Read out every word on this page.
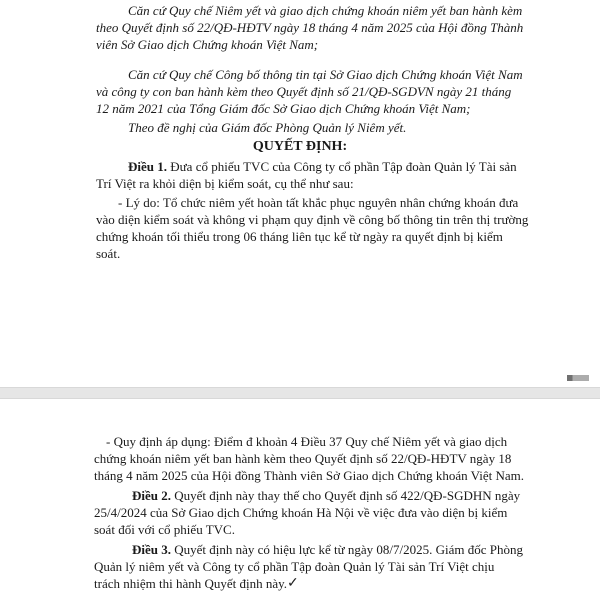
Căn cứ Quy chế Niêm yết và giao dịch chứng khoán niêm yết ban hành kèm
theo Quyết định số 22/QĐ-HĐTV ngày 18 tháng 4 năm 2025 của Hội đồng Thành
viên Sở Giao dịch Chứng khoán Việt Nam;
Căn cứ Quy chế Công bố thông tin tại Sở Giao dịch Chứng khoán Việt Nam
và công ty con ban hành kèm theo Quyết định số 21/QĐ-SGDVN ngày 21 tháng
12 năm 2021 của Tổng Giám đốc Sở Giao dịch Chứng khoán Việt Nam;
Theo đề nghị của Giám đốc Phòng Quản lý Niêm yết.
QUYẾT ĐỊNH:
Điều 1. Đưa cổ phiếu TVC của Công ty cổ phần Tập đoàn Quản lý Tài sản
Trí Việt ra khỏi diện bị kiểm soát, cụ thể như sau:
- Lý do: Tổ chức niêm yết hoàn tất khắc phục nguyên nhân chứng khoán đưa
vào diện kiểm soát và không vi phạm quy định về công bố thông tin trên thị trường
chứng khoán tối thiểu trong 06 tháng liên tục kể từ ngày ra quyết định bị kiểm
soát.
- Quy định áp dụng: Điểm đ khoản 4 Điều 37 Quy chế Niêm yết và giao dịch
chứng khoán niêm yết ban hành kèm theo Quyết định số 22/QĐ-HĐTV ngày 18
tháng 4 năm 2025 của Hội đồng Thành viên Sở Giao dịch Chứng khoán Việt Nam.
Điều 2. Quyết định này thay thế cho Quyết định số 422/QĐ-SGDHN ngày
25/4/2024 của Sở Giao dịch Chứng khoán Hà Nội về việc đưa vào diện bị kiểm
soát đối với cổ phiếu TVC.
Điều 3. Quyết định này có hiệu lực kể từ ngày 08/7/2025. Giám đốc Phòng
Quản lý niêm yết và Công ty cổ phần Tập đoàn Quản lý Tài sản Trí Việt chịu
trách nhiệm thi hành Quyết định này. ✓
